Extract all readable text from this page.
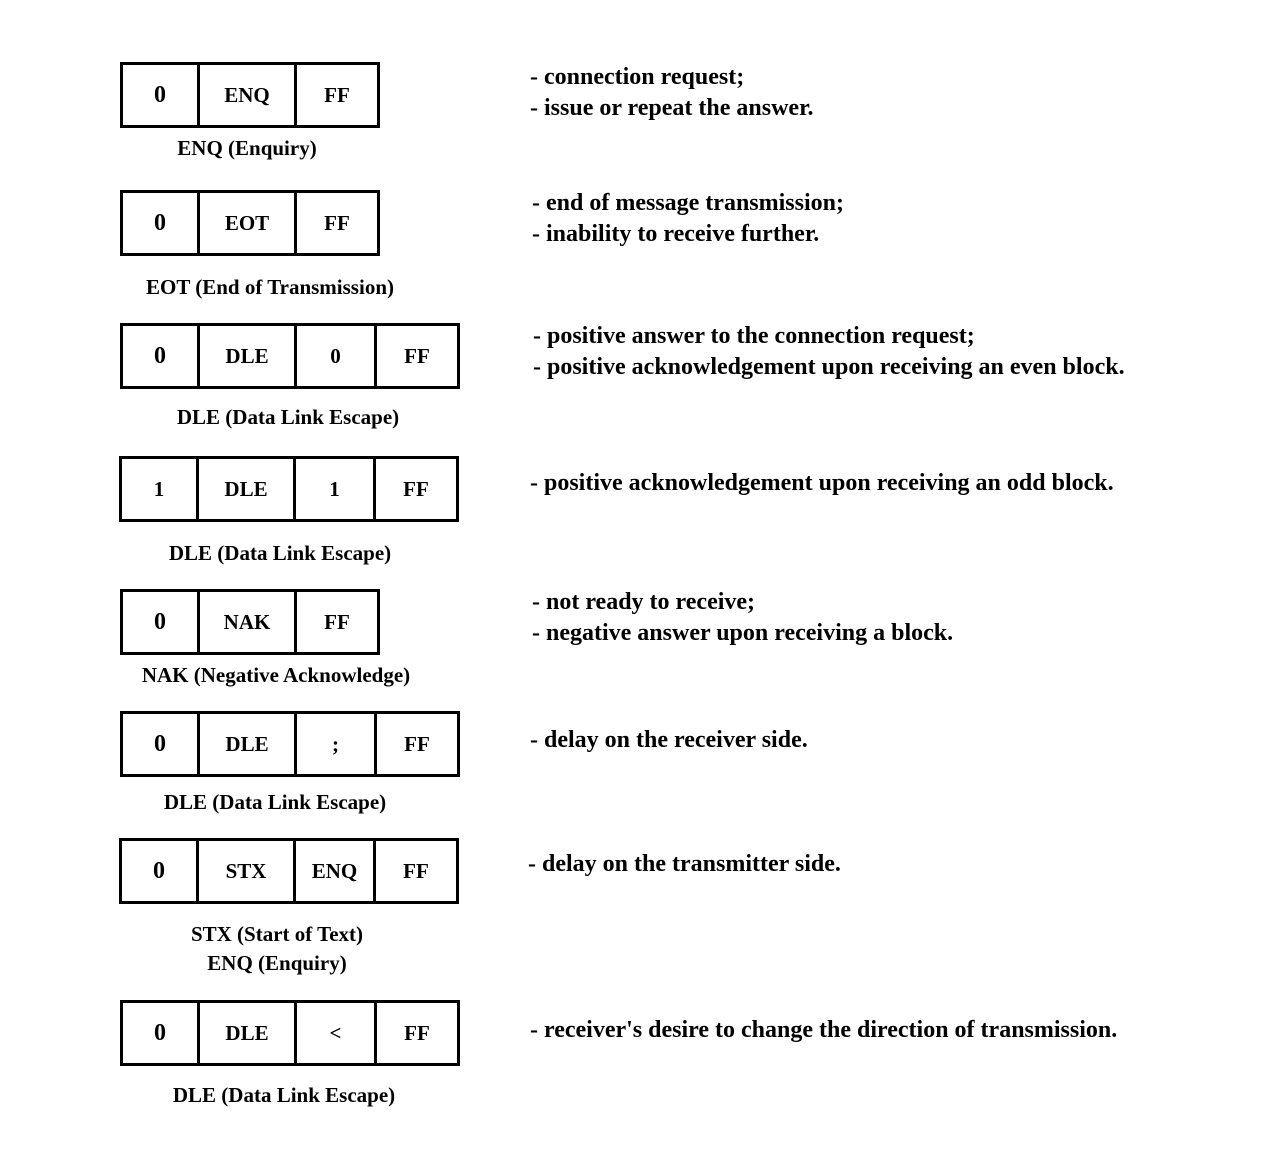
0	ENQ	FF
ENQ (Enquiry)
- connection request;
- issue or repeat the answer.
0	EOT	FF
EOT (End of Transmission)
- end of message transmission;
- inability to receive further.
0	DLE	0	FF
DLE (Data Link Escape)
- positive answer to the connection request;
- positive acknowledgement upon receiving an even block.
1	DLE	1	FF
DLE (Data Link Escape)
- positive acknowledgement upon receiving an odd block.
0	NAK	FF
NAK (Negative Acknowledge)
- not ready to receive;
- negative answer upon receiving a block.
0	DLE	;	FF
DLE (Data Link Escape)
- delay on the receiver side.
0	STX	ENQ	FF
STX (Start of Text)
ENQ (Enquiry)
- delay on the transmitter side.
0	DLE	<	FF
DLE (Data Link Escape)
- receiver's desire to change the direction of transmission.
